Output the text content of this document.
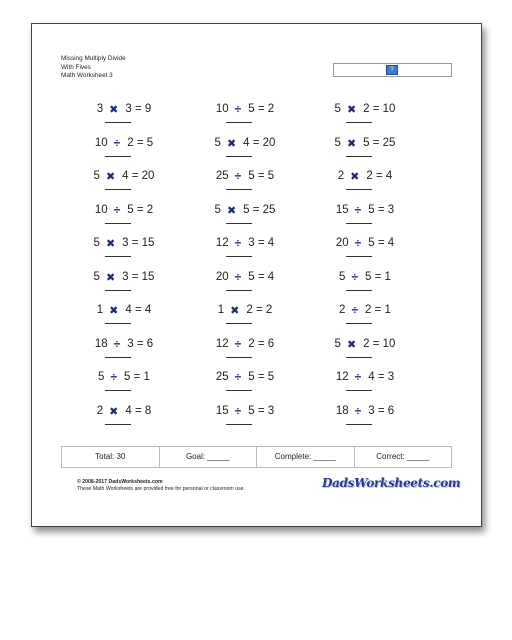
Missing Multiply Divide
With Fives
Math Worksheet 3
?
3 ✖ 3 = 9	10 ÷ 5 = 2	5 ✖ 2 = 10
10 ÷ 2 = 5	5 ✖ 4 = 20	5 ✖ 5 = 25
5 ✖ 4 = 20	25 ÷ 5 = 5	2 ✖ 2 = 4
10 ÷ 5 = 2	5 ✖ 5 = 25	15 ÷ 5 = 3
5 ✖ 3 = 15	12 ÷ 3 = 4	20 ÷ 5 = 4
5 ✖ 3 = 15	20 ÷ 5 = 4	5 ÷ 5 = 1
1 ✖ 4 = 4	1 ✖ 2 = 2	2 ÷ 2 = 1
18 ÷ 3 = 6	12 ÷ 2 = 6	5 ✖ 2 = 10
5 ÷ 5 = 1	25 ÷ 5 = 5	12 ÷ 4 = 3
2 ✖ 4 = 8	15 ÷ 5 = 3	18 ÷ 3 = 6
Total: 30	Goal: _____	Complete: _____	Correct: _____
© 2008-2017 DadsWorksheets.com
These Math Worksheets are provided free for personal or classroom use.	DadsWorksheets.com
